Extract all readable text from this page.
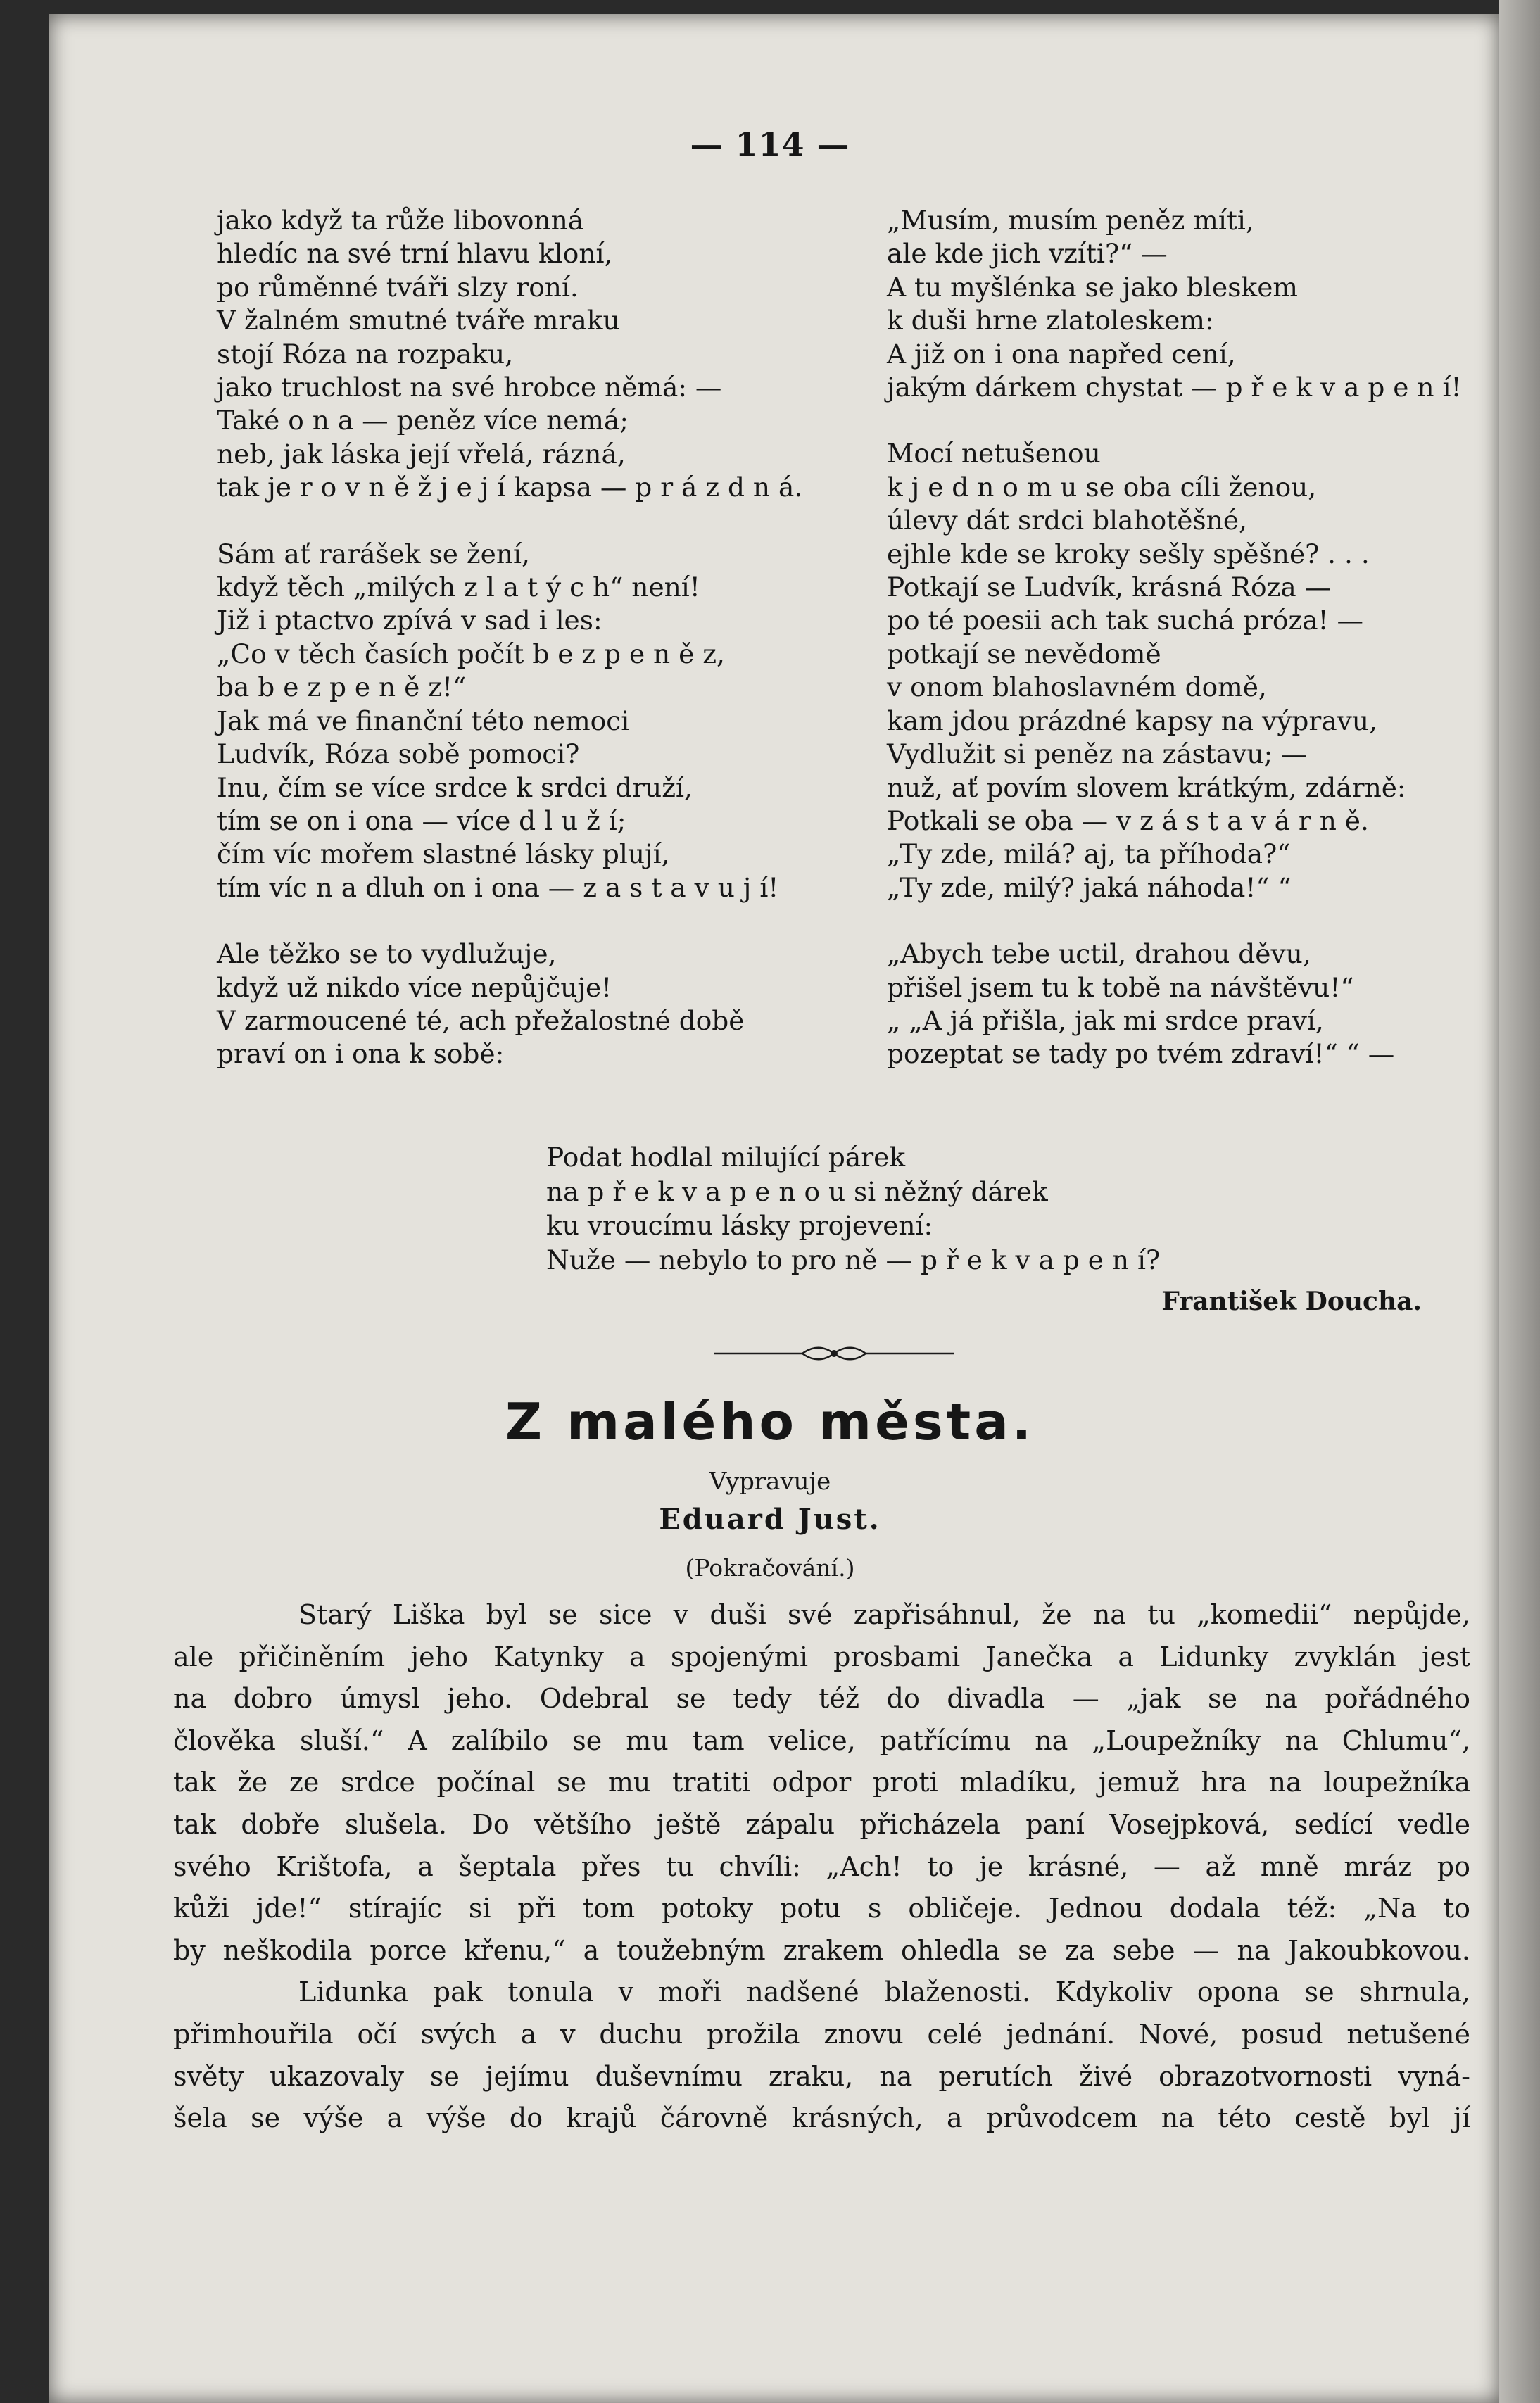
— 114 —

jako když ta růže libovonná

hledíc na své trní hlavu kloní,

po růměnné tváři slzy roní.

V žalném smutné tváře mraku

stojí Róza na rozpaku,

jako truchlost na své hrobce němá: —

Také o n a — peněz více nemá;

neb, jak láska její vřelá, rázná,

tak je r o v n ě ž j e j í kapsa — p r á z d n á.

Sám ať rarášek se žení,

když těch „milých z l a t ý c h“ není!

Již i ptactvo zpívá v sad i les:

„Co v těch časích počít b e z p e n ě z,

ba b e z p e n ě z!“

Jak má ve finanční této nemoci

Ludvík, Róza sobě pomoci?

Inu, čím se více srdce k srdci druží,

tím se on i ona — více d l u ž í;

čím víc mořem slastné lásky plují,

tím víc n a dluh on i ona — z a s t a v u j í!

Ale těžko se to vydlužuje,

když už nikdo více nepůjčuje!

V zarmoucené té, ach přežalostné době

praví on i ona k sobě:

„Musím, musím peněz míti,

ale kde jich vzíti?“ —

A tu myšlénka se jako bleskem

k duši hrne zlatoleskem:

A již on i ona napřed cení,

jakým dárkem chystat — p ř e k v a p e n í!

Mocí netušenou

k j e d n o m u se oba cíli ženou,

úlevy dát srdci blahotěšné,

ejhle kde se kroky sešly spěšné? . . .

Potkají se Ludvík, krásná Róza —

po té poesii ach tak suchá próza! —

potkají se nevědomě

v onom blahoslavném domě,

kam jdou prázdné kapsy na výpravu,

Vydlužit si peněz na zástavu; —

nuž, ať povím slovem krátkým, zdárně:

Potkali se oba — v z á s t a v á r n ě.

„Ty zde, milá? aj, ta příhoda?“

„Ty zde, milý? jaká náhoda!“ “

„Abych tebe uctil, drahou děvu,

přišel jsem tu k tobě na návštěvu!“

„ „A já přišla, jak mi srdce praví,

pozeptat se tady po tvém zdraví!“ “ —

Podat hodlal milující párek

na p ř e k v a p e n o u si něžný dárek

ku vroucímu lásky projevení:

Nuže — nebylo to pro ně — p ř e k v a p e n í?

František Doucha.
Z malého města.
Vypravuje
Eduard Just.
(Pokračování.)

Starý Liška byl se sice v duši své zapřisáhnul, že na tu „komedii“ nepůjde,

ale přičiněním jeho Katynky a spojenými prosbami Janečka a Lidunky zvyklán jest

na dobro úmysl jeho. Odebral se tedy též do divadla — „jak se na pořádného

člověka sluší.“ A zalíbilo se mu tam velice, patřícímu na „Loupežníky na Chlumu“,

tak že ze srdce počínal se mu tratiti odpor proti mladíku, jemuž hra na loupežníka

tak dobře slušela. Do většího ještě zápalu přicházela paní Vosejpková, sedící vedle

svého Krištofa, a šeptala přes tu chvíli: „Ach! to je krásné, — až mně mráz po

kůži jde!“ stírajíc si při tom potoky potu s obličeje. Jednou dodala též: „Na to

by neškodila porce křenu,“ a toužebným zrakem ohledla se za sebe — na Jakoubkovou.

Lidunka pak tonula v moři nadšené blaženosti. Kdykoliv opona se shrnula,

přimhouřila očí svých a v duchu prožila znovu celé jednání. Nové, posud netušené

světy ukazovaly se jejímu duševnímu zraku, na perutích živé obrazotvornosti vyná-

šela se výše a výše do krajů čárovně krásných, a průvodcem na této cestě byl jí
